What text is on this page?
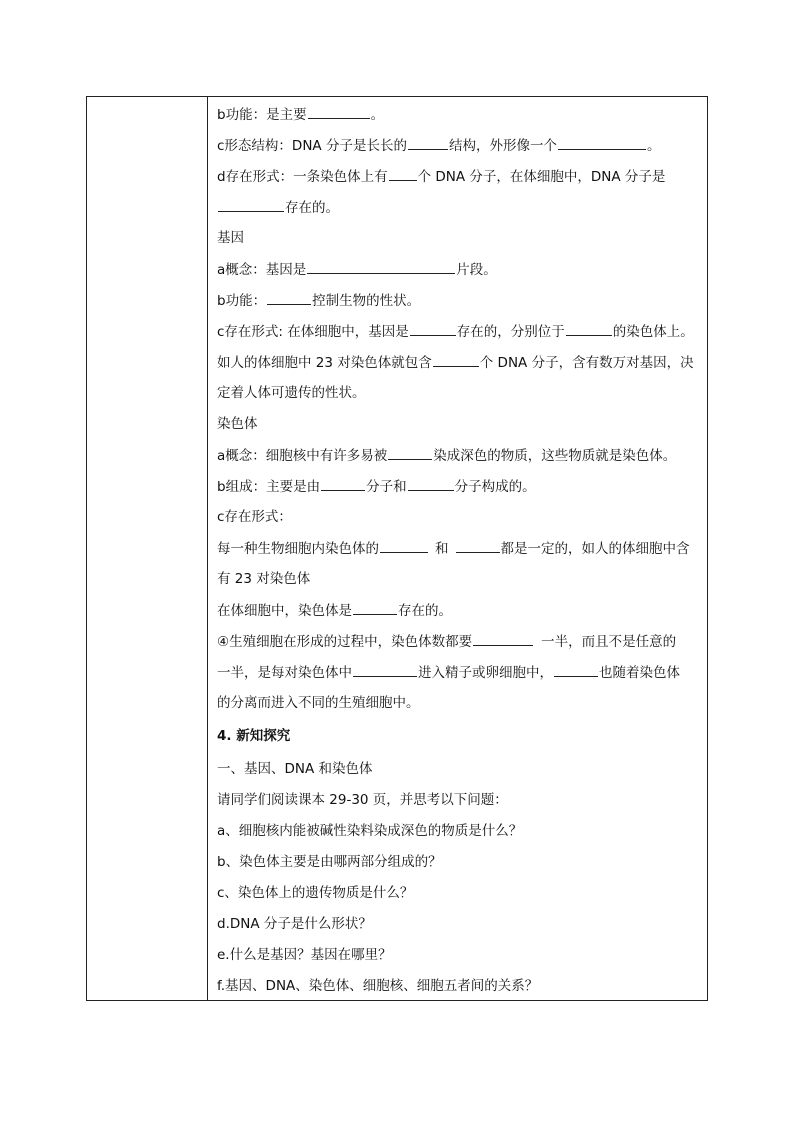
b功能：是主要	。
c形态结构：DNA 分子是长长的	结构，外形像一个	。
d存在形式：一条染色体上有 个 DNA 分子，在体细胞中，DNA 分子是
存在的。
基因
a概念：基因是	片段。
b功能：	控制生物的性状。
c存在形式: 在体细胞中，基因是	存在的，分别位于	的染色体上。
如人的体细胞中 23 对染色体就包含	个 DNA 分子，含有数万对基因，决
定着人体可遗传的性状。
染色体
a概念：细胞核中有许多易被	染成深色的物质，这些物质就是染色体。
b组成：主要是由	分子和	分子构成的。
c存在形式：
每一种生物细胞内染色体的	和	都是一定的，如人的体细胞中含
有 23 对染色体
在体细胞中，染色体是	存在的。
④生殖细胞在形成的过程中，染色体数都要	一半，而且不是任意的
一半，是每对染色体中	进入精子或卵细胞中，	也随着染色体
的分离而进入不同的生殖细胞中。
4. 新知探究
一、基因、DNA 和染色体
请同学们阅读课本 29-30 页，并思考以下问题：
a、细胞核内能被碱性染料染成深色的物质是什么？
b、染色体主要是由哪两部分组成的？
c、染色体上的遗传物质是什么？
d.DNA 分子是什么形状？
e.什么是基因？基因在哪里？
f.基因、DNA、染色体、细胞核、细胞五者间的关系？
